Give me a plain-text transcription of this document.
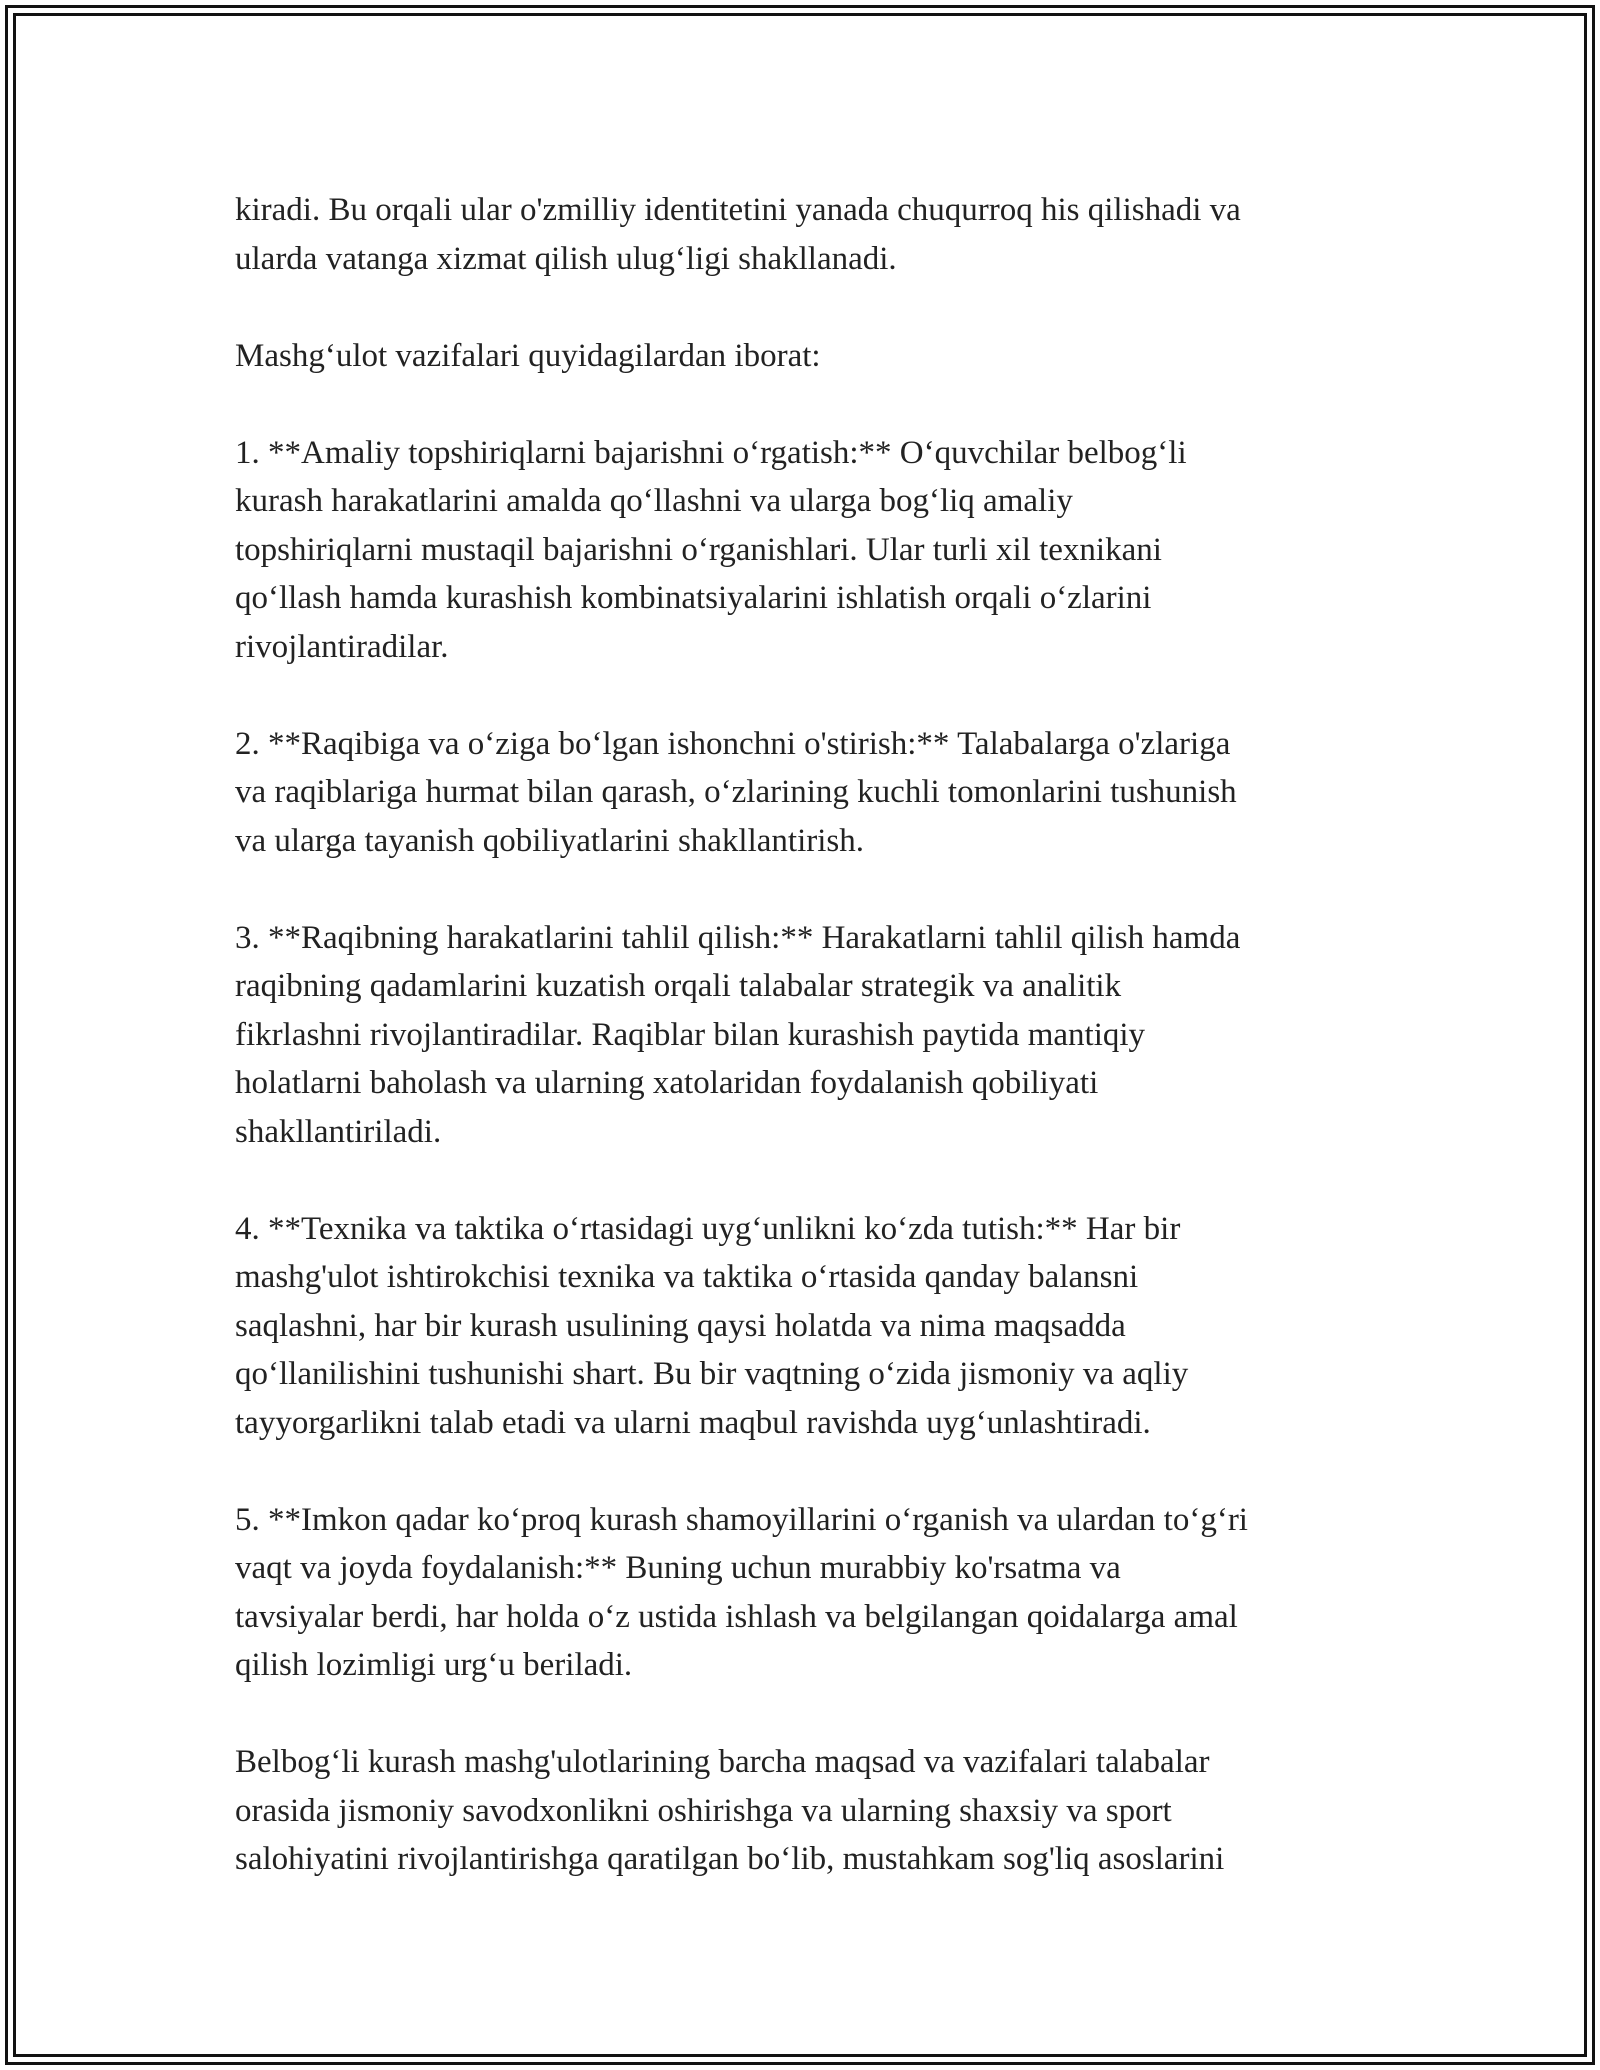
kiradi. Bu orqali ular o'zmilliy identitetini yanada chuqurroq his qilishadi va
ularda vatanga xizmat qilish ulug‘ligi shakllanadi.

Mashg‘ulot vazifalari quyidagilardan iborat:

1. **Amaliy topshiriqlarni bajarishni o‘rgatish:** O‘quvchilar belbog‘li
kurash harakatlarini amalda qo‘llashni va ularga bog‘liq amaliy
topshiriqlarni mustaqil bajarishni o‘rganishlari. Ular turli xil texnikani
qo‘llash hamda kurashish kombinatsiyalarini ishlatish orqali o‘zlarini
rivojlantiradilar.

2. **Raqibiga va o‘ziga bo‘lgan ishonchni o'stirish:** Talabalarga o'zlariga
va raqiblariga hurmat bilan qarash, o‘zlarining kuchli tomonlarini tushunish
va ularga tayanish qobiliyatlarini shakllantirish.

3. **Raqibning harakatlarini tahlil qilish:** Harakatlarni tahlil qilish hamda
raqibning qadamlarini kuzatish orqali talabalar strategik va analitik
fikrlashni rivojlantiradilar. Raqiblar bilan kurashish paytida mantiqiy
holatlarni baholash va ularning xatolaridan foydalanish qobiliyati
shakllantiriladi.

4. **Texnika va taktika o‘rtasidagi uyg‘unlikni ko‘zda tutish:** Har bir
mashg'ulot ishtirokchisi texnika va taktika o‘rtasida qanday balansni
saqlashni, har bir kurash usulining qaysi holatda va nima maqsadda
qo‘llanilishini tushunishi shart. Bu bir vaqtning o‘zida jismoniy va aqliy
tayyorgarlikni talab etadi va ularni maqbul ravishda uyg‘unlashtiradi.

5. **Imkon qadar ko‘proq kurash shamoyillarini o‘rganish va ulardan to‘g‘ri
vaqt va joyda foydalanish:** Buning uchun murabbiy ko'rsatma va
tavsiyalar berdi, har holda o‘z ustida ishlash va belgilangan qoidalarga amal
qilish lozimligi urg‘u beriladi.

Belbog‘li kurash mashg'ulotlarining barcha maqsad va vazifalari talabalar
orasida jismoniy savodxonlikni oshirishga va ularning shaxsiy va sport
salohiyatini rivojlantirishga qaratilgan bo‘lib, mustahkam sog'liq asoslarini
